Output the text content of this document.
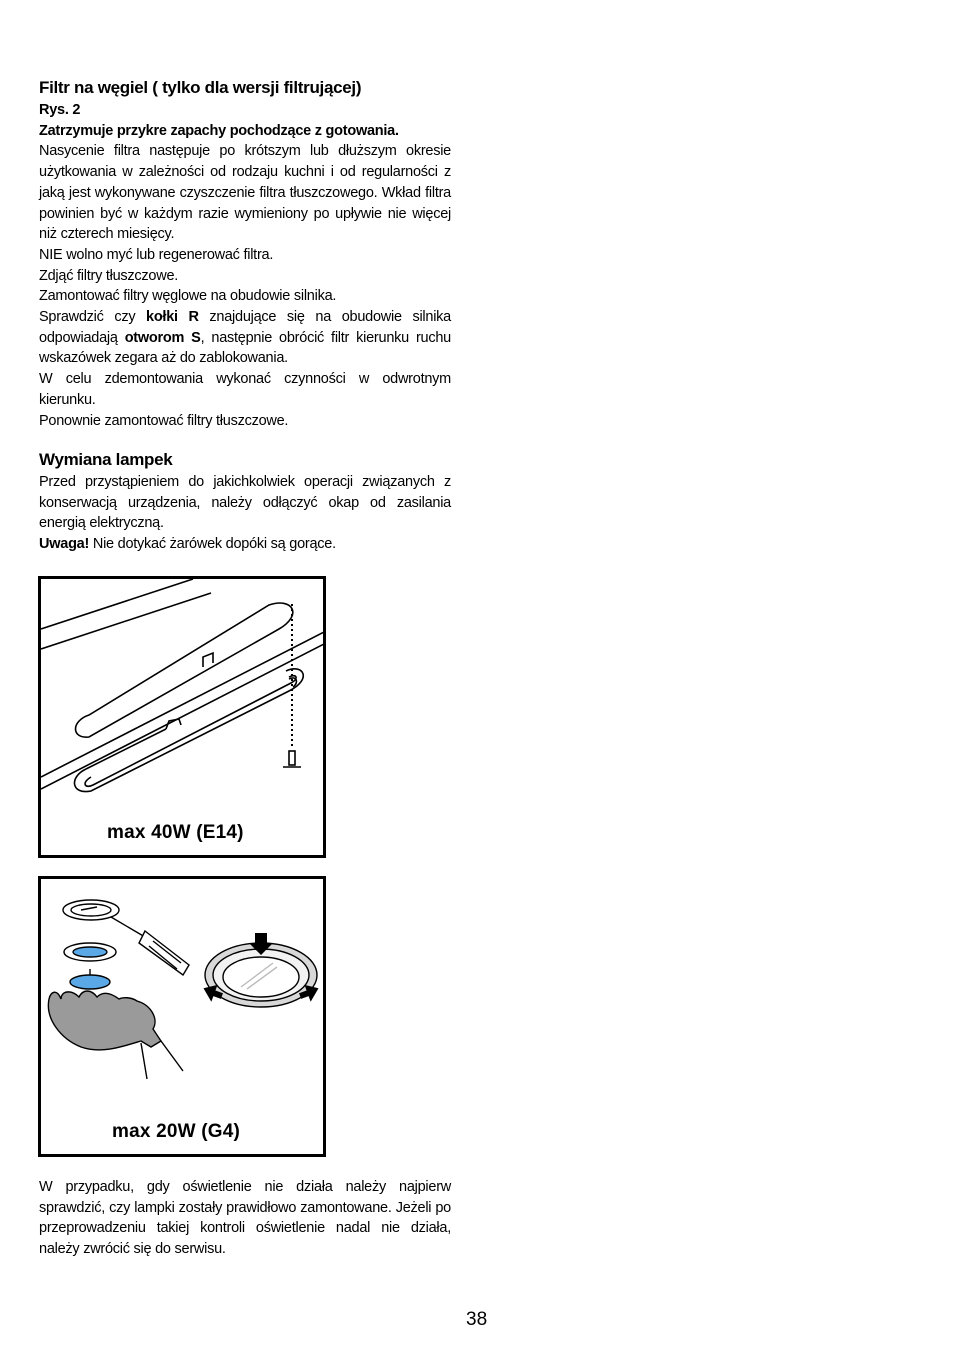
Filtr na węgiel ( tylko dla wersji filtrującej)

Rys. 2

Zatrzymuje przykre zapachy pochodzące z gotowania.

Nasycenie filtra następuje po krótszym lub dłuższym okresie użytkowania w zależności od rodzaju kuchni i od regularności z jaką jest wykonywane czyszczenie filtra tłuszczowego. Wkład filtra powinien być w każdym razie wymieniony po upływie nie więcej niż czterech miesięcy.

NIE wolno myć lub regenerować filtra.

Zdjąć filtry tłuszczowe.

Zamontować filtry węglowe na obudowie silnika.

Sprawdzić czy kołki R znajdujące się na obudowie silnika odpowiadają otworom S, następnie obrócić filtr kierunku ruchu wskazówek zegara aż do zablokowania.

W celu zdemontowania wykonać czynności w odwrotnym kierunku.

Ponownie zamontować filtry tłuszczowe.

Wymiana lampek

Przed przystąpieniem do jakichkolwiek operacji związanych z konserwacją urządzenia, należy odłączyć okap od zasilania energią elektryczną.

Uwaga! Nie dotykać żarówek dopóki są gorące.

max 40W (E14)
max 20W (G4)

W przypadku, gdy oświetlenie nie działa należy najpierw sprawdzić, czy lampki zostały prawidłowo zamontowane. Jeżeli po przeprowadzeniu takiej kontroli oświetlenie nadal nie działa, należy zwrócić się do serwisu.

38
